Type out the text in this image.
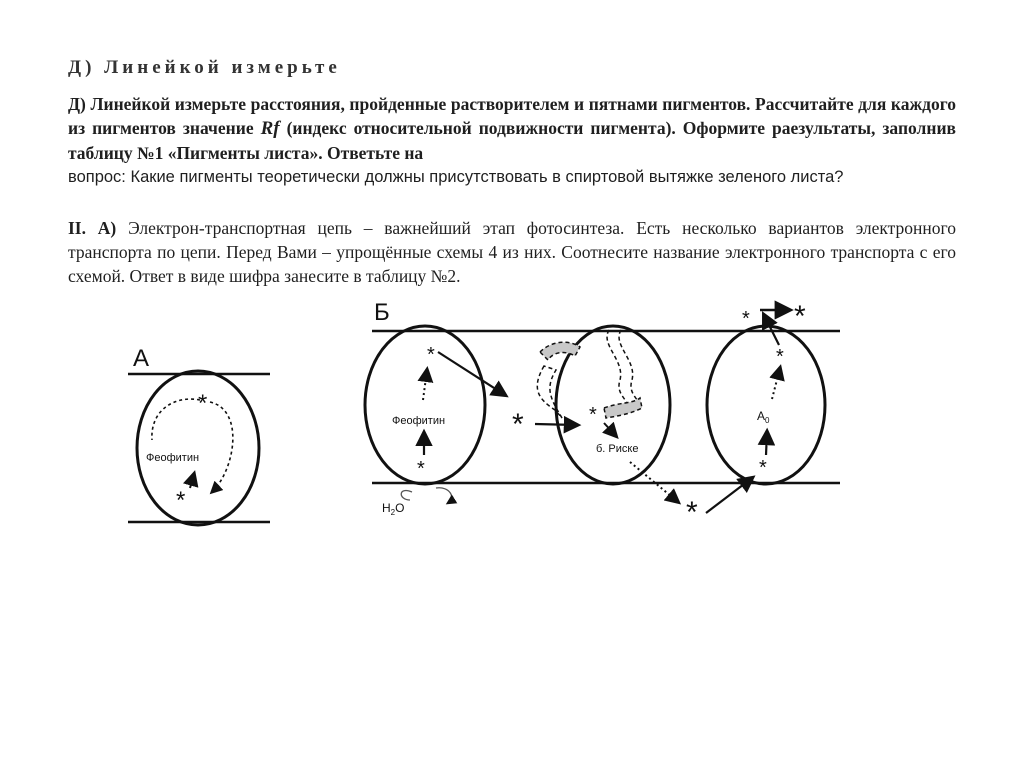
Д) Линейкой измерьте
Д) Линейкой измерьте расстояния, пройденные растворителем и пятнами пигментов. Рассчитайте для каждого из пигментов значение Rf (индекс относительной подвижности пигмента). Оформите раезультаты, заполнив таблицу №1 «Пигменты листа». Ответьте на
вопрос: Какие пигменты теоретически должны присутствовать в спиртовой вытяжке зеленого листа?
II. А) Электрон-транспортная цепь – важнейший этап фотосинтеза. Есть несколько вариантов электронного транспорта по цепи. Перед Вами – упрощённые схемы 4 из них. Соотнесите название электронного транспорта с его схемой. Ответ в виде шифра занесите в таблицу №2.
А
Феофитин
*
*
Б
Феофитин
*
*
*
$H_2O$
*
б. Риске
*
*
$А_0$
*
* *
